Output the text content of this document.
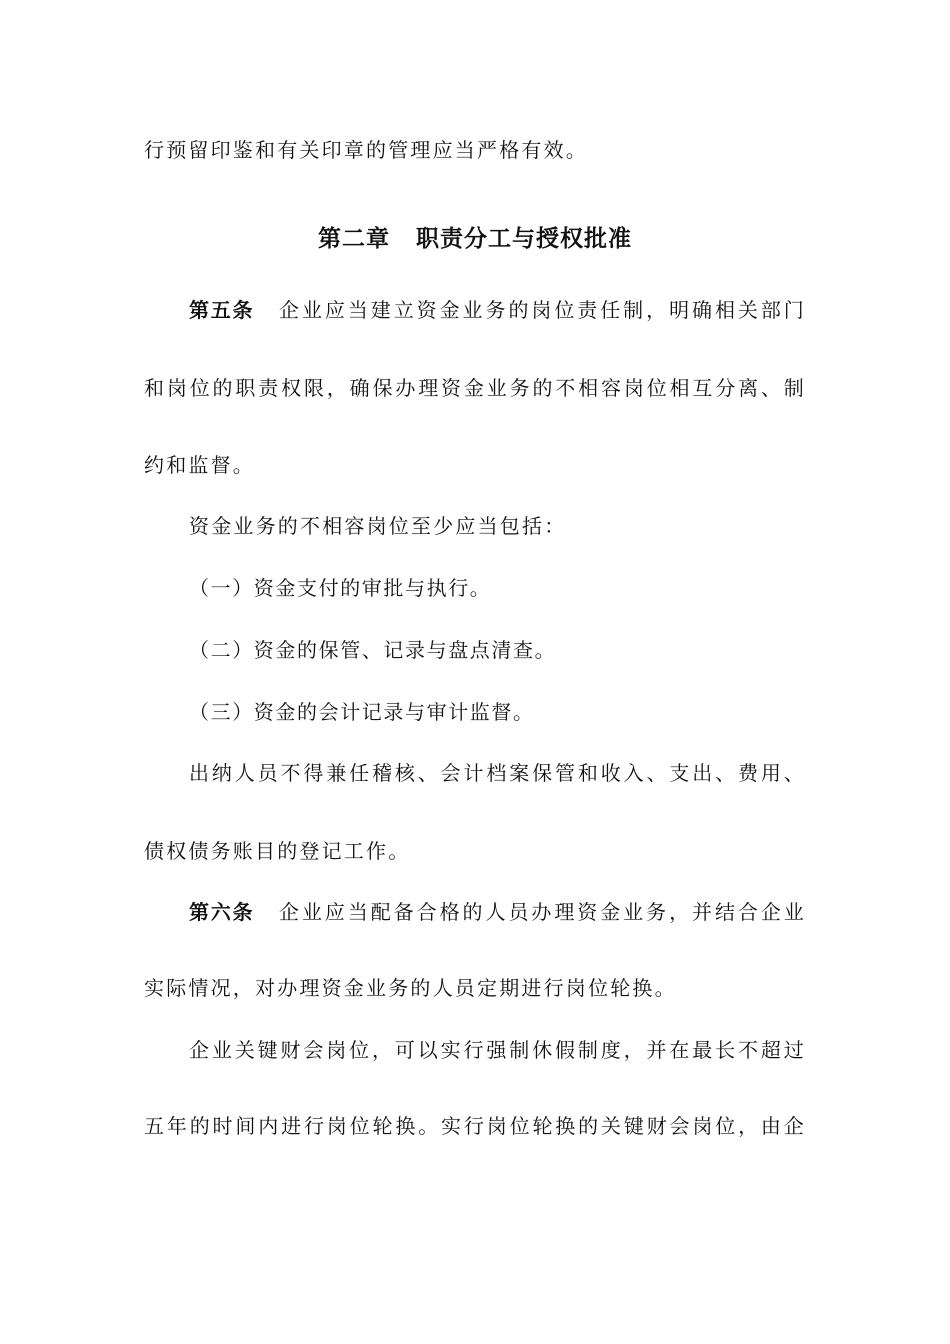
行预留印鉴和有关印章的管理应当严格有效。
第二章 职责分工与授权批准
第五条 企业应当建立资金业务的岗位责任制，明确相关部门
和岗位的职责权限，确保办理资金业务的不相容岗位相互分离、制
约和监督。
资金业务的不相容岗位至少应当包括：
（一）资金支付的审批与执行。
（二）资金的保管、记录与盘点清查。
（三）资金的会计记录与审计监督。
出纳人员不得兼任稽核、会计档案保管和收入、支出、费用、
债权债务账目的登记工作。
第六条 企业应当配备合格的人员办理资金业务，并结合企业
实际情况，对办理资金业务的人员定期进行岗位轮换。
企业关键财会岗位，可以实行强制休假制度，并在最长不超过
五年的时间内进行岗位轮换。实行岗位轮换的关键财会岗位，由企
